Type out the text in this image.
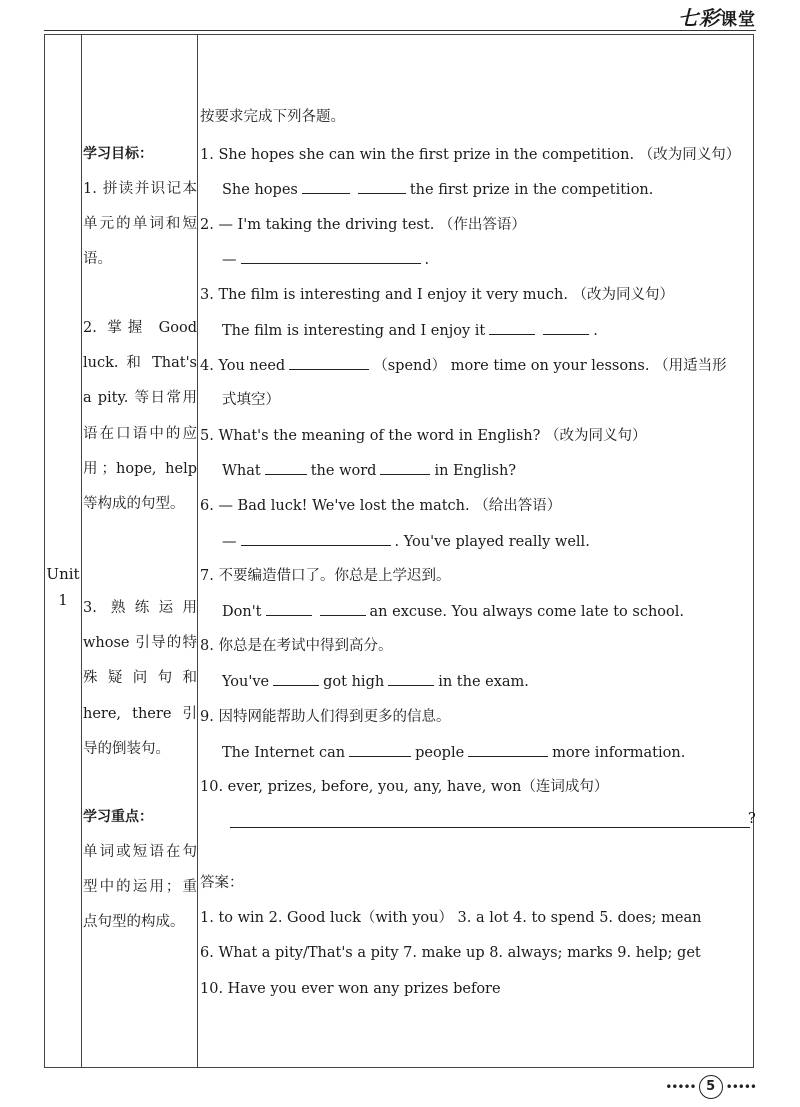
七彩课堂
Unit 1
学习目标：
1. 拼读并识记本单元的单词和短语。
2. 掌握 Good luck. 和 That's a pity. 等日常用语在口语中的应用；hope, help 等构成的句型。
3. 熟练运用 whose 引导的特殊疑问句和 here, there 引导的倒装句。
学习重点：
单词或短语在句型中的运用；重点句型的构成。
按要求完成下列各题。
1. She hopes she can win the first prize in the competition. （改为同义句）
She hopes	the first prize in the competition.
2. — I'm taking the driving test. （作出答语）
—	.
3. The film is interesting and I enjoy it very much. （改为同义句）
The film is interesting and I enjoy it	.
4. You need	（spend） more time on your lessons. （用适当形
式填空）
5. What's the meaning of the word in English? （改为同义句）
What	the word	in English?
6. — Bad luck! We've lost the match. （给出答语）
—	. You've played really well.
7. 不要编造借口了。你总是上学迟到。
Don't	an excuse. You always come late to school.
8. 你总是在考试中得到高分。
You've	got high	in the exam.
9. 因特网能帮助人们得到更多的信息。
The Internet can	people	more information.
10. ever, prizes, before, you, any, have, won（连词成句）
?
答案：
1. to win 2. Good luck（with you） 3. a lot 4. to spend 5. does; mean
6. What a pity/That's a pity 7. make up 8. always; marks 9. help; get
10. Have you ever won any prizes before
••••• 5 •••••
